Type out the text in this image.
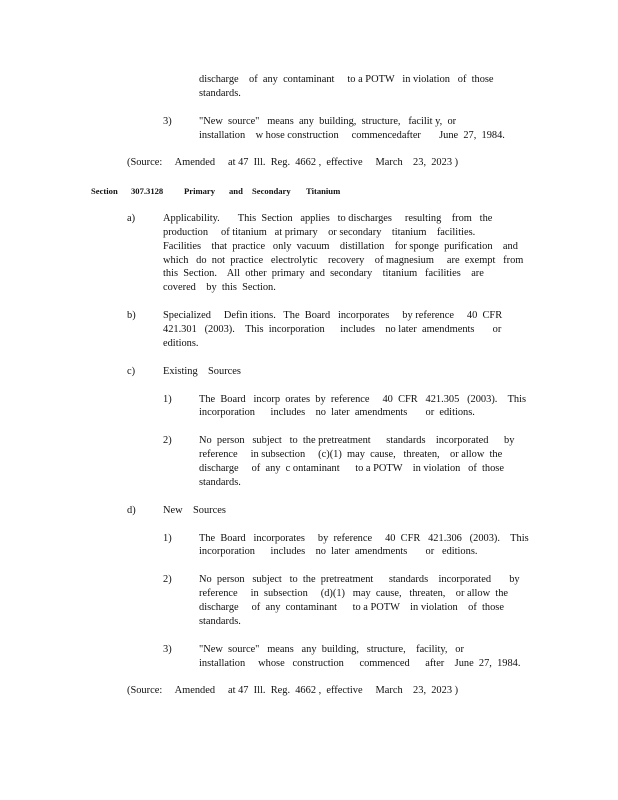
discharge    of  any  contaminant     to a POTW   in violation   of  those

standards.

3)	"New  source"   means  any  building,  structure,   facilit y,  or

installation    w hose construction     commencedafter       June  27,  1984.

(Source:     Amended     at 47  Ill.  Reg.  4662 ,  effective     March    23,  2023 )

Section 307.3128 Primary and Secondary Titanium

a)	Applicability.       This  Section   applies   to discharges     resulting    from   the

production     of titanium   at primary    or secondary    titanium    facilities.

Facilities    that  practice   only  vacuum    distillation    for sponge  purification    and

which   do  not  practice   electrolytic    recovery    of magnesium     are  exempt   from

this  Section.    All  other  primary  and  secondary    titanium   facilities    are

covered    by  this  Section.

b)	Specialized     Defin itions.   The  Board   incorporates     by reference     40  CFR

421.301   (2003).    This  incorporation      includes    no later  amendments       or

editions.

c)	Existing    Sources

1)	The  Board   incorp  orates  by  reference     40  CFR   421.305   (2003).    This

incorporation      includes    no  later  amendments       or  editions.

2)	No  person   subject   to  the pretreatment      standards    incorporated      by

reference     in subsection     (c)(1)  may  cause,   threaten,    or allow  the

discharge     of  any  c ontaminant      to a POTW    in violation   of  those

standards.

d)	New    Sources

1)	The  Board   incorporates     by  reference     40  CFR   421.306   (2003).    This

incorporation      includes    no  later  amendments       or   editions.

2)	No  person   subject   to  the  pretreatment      standards    incorporated       by

reference     in  subsection     (d)(1)   may  cause,   threaten,    or allow  the

discharge     of  any  contaminant      to a POTW    in violation    of  those

standards.

3)	"New  source"   means   any  building,   structure,    facility,   or

installation     whose   construction      commenced      after    June  27,  1984.

(Source:     Amended     at 47  Ill.  Reg.  4662 ,  effective     March    23,  2023 )
